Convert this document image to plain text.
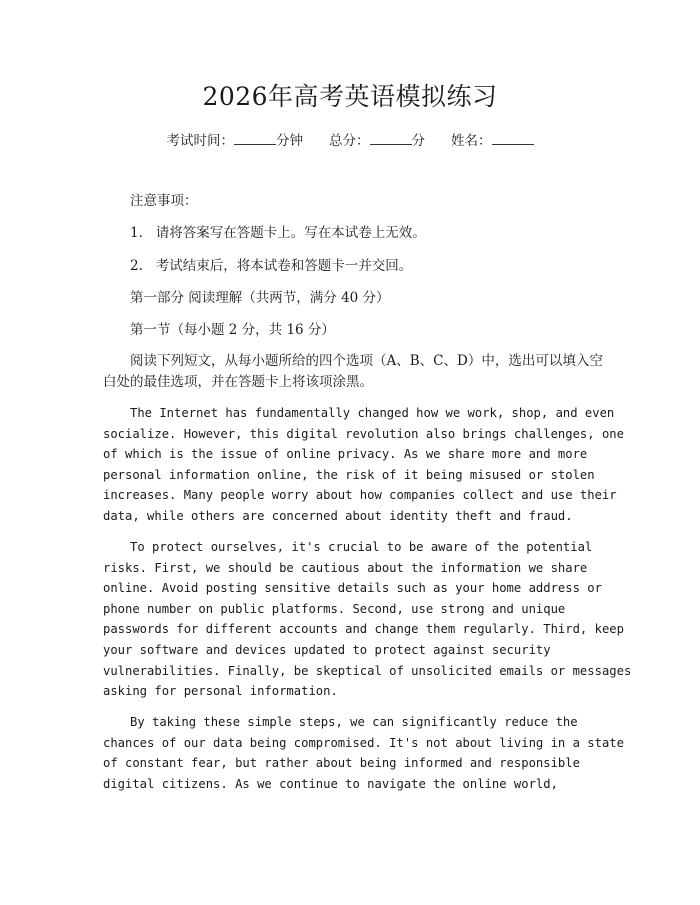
2026年高考英语模拟练习
考试时间：	分钟 总分：	分 姓名：
注意事项：
1.   请将答案写在答题卡上。写在本试卷上无效。
2.   考试结束后，将本试卷和答题卡一并交回。
第一部分 阅读理解（共两节，满分 40 分）
第一节（每小题 2 分，共 16 分）
阅读下列短文，从每小题所给的四个选项（A、B、C、D）中，选出可以填入空
白处的最佳选项，并在答题卡上将该项涂黑。
The Internet has fundamentally changed how we work, shop, and even
socialize. However, this digital revolution also brings challenges, one
of which is the issue of online privacy. As we share more and more
personal information online, the risk of it being misused or stolen
increases. Many people worry about how companies collect and use their
data, while others are concerned about identity theft and fraud.
To protect ourselves, it's crucial to be aware of the potential
risks. First, we should be cautious about the information we share
online. Avoid posting sensitive details such as your home address or
phone number on public platforms. Second, use strong and unique
passwords for different accounts and change them regularly. Third, keep
your software and devices updated to protect against security
vulnerabilities. Finally, be skeptical of unsolicited emails or messages
asking for personal information.
By taking these simple steps, we can significantly reduce the
chances of our data being compromised. It's not about living in a state
of constant fear, but rather about being informed and responsible
digital citizens. As we continue to navigate the online world,
